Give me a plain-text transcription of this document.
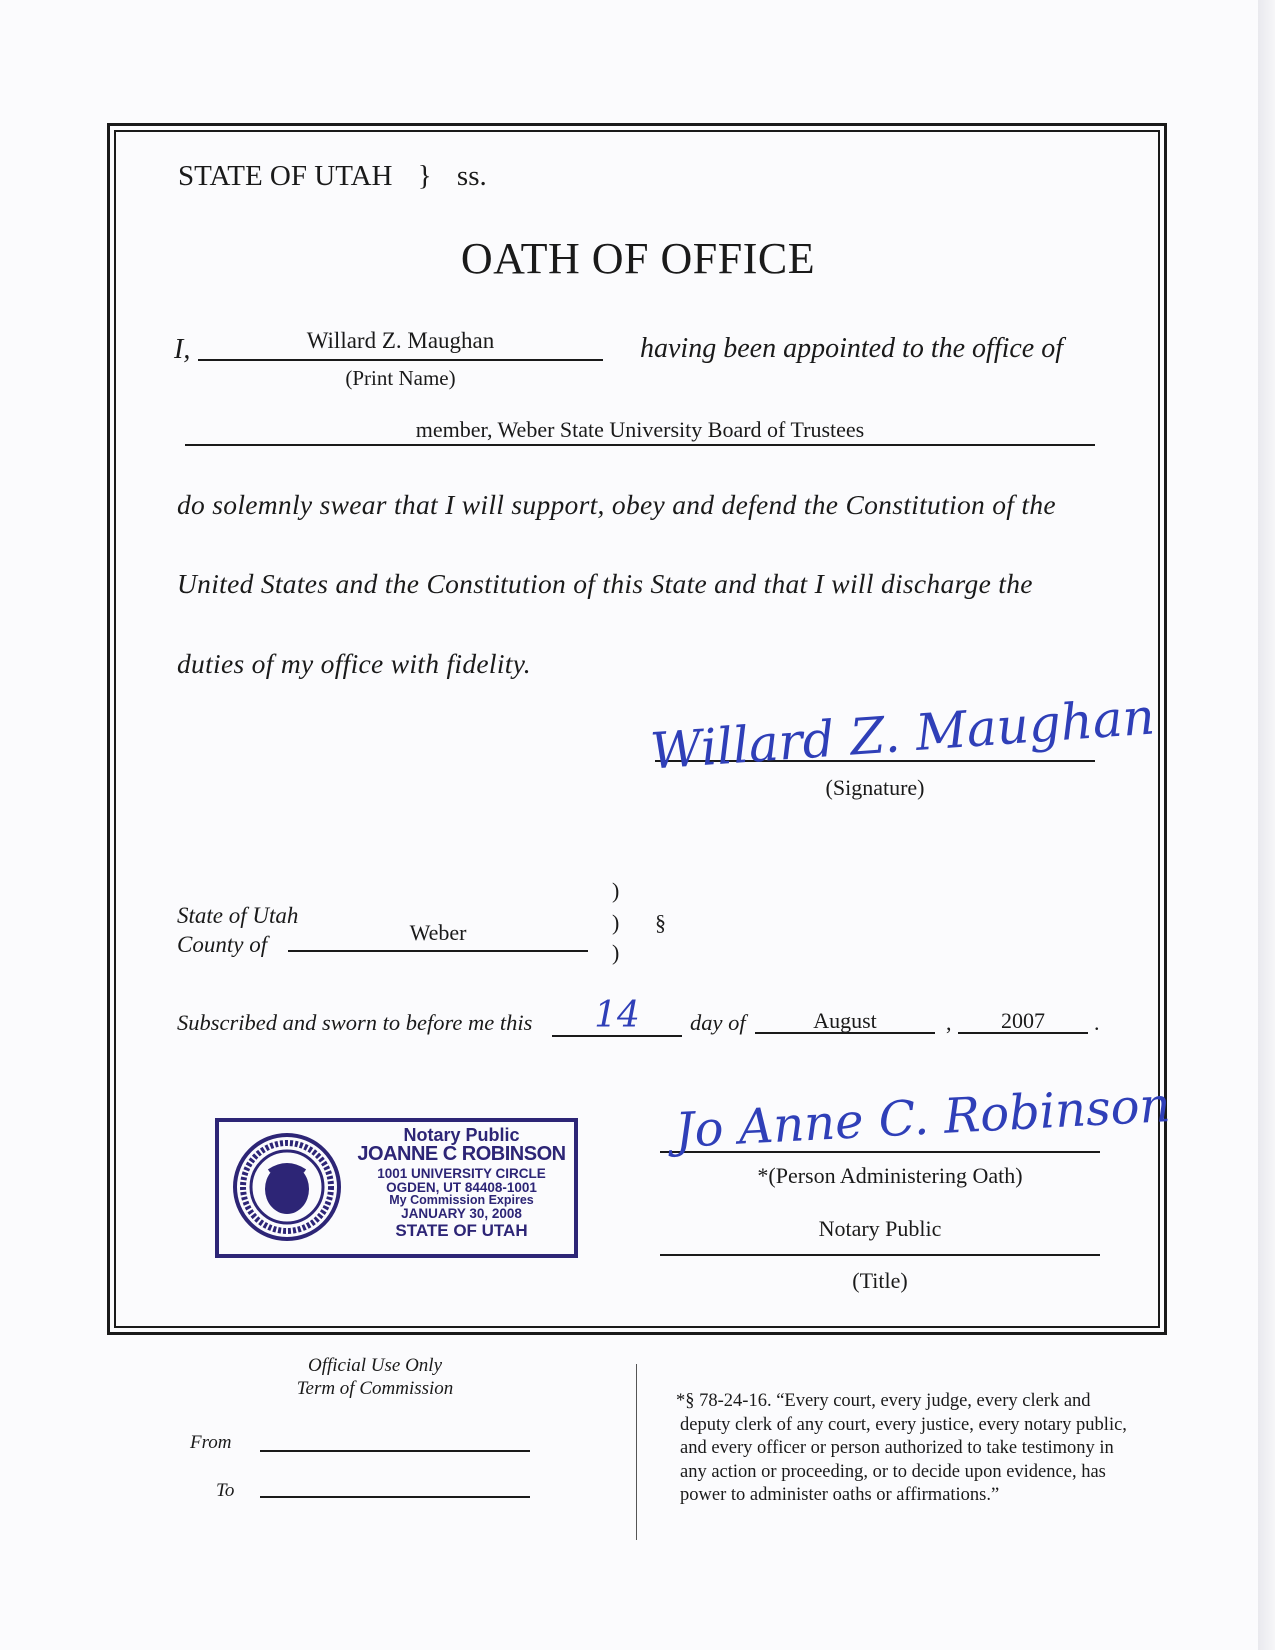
STATE OF UTAH } ss.
OATH OF OFFICE
I,	Willard Z. Maughan
(Print Name)
having been appointed to the office of
member, Weber State University Board of Trustees
do solemnly swear that I will support, obey and defend the Constitution of the
United States and the Constitution of this State and that I will discharge the
duties of my office with fidelity.
Willard Z. Maughan
(Signature)
State of Utah
County of	Weber
)
)
)
§
Subscribed and sworn to before me this	14	day of	August	,	2007	.
Notary Public
JOANNE C ROBINSON
1001 UNIVERSITY CIRCLE
OGDEN, UT 84408-1001
My Commission Expires
JANUARY 30, 2008
STATE OF UTAH
Jo Anne C. Robinson
*(Person Administering Oath)
Notary Public
(Title)
Official Use Only
Term of Commission
From
To
*§ 78-24-16. “Every court, every judge, every clerk and
deputy clerk of any court, every justice, every notary public,
and every officer or person authorized to take testimony in
any action or proceeding, or to decide upon evidence, has
power to administer oaths or affirmations.”
